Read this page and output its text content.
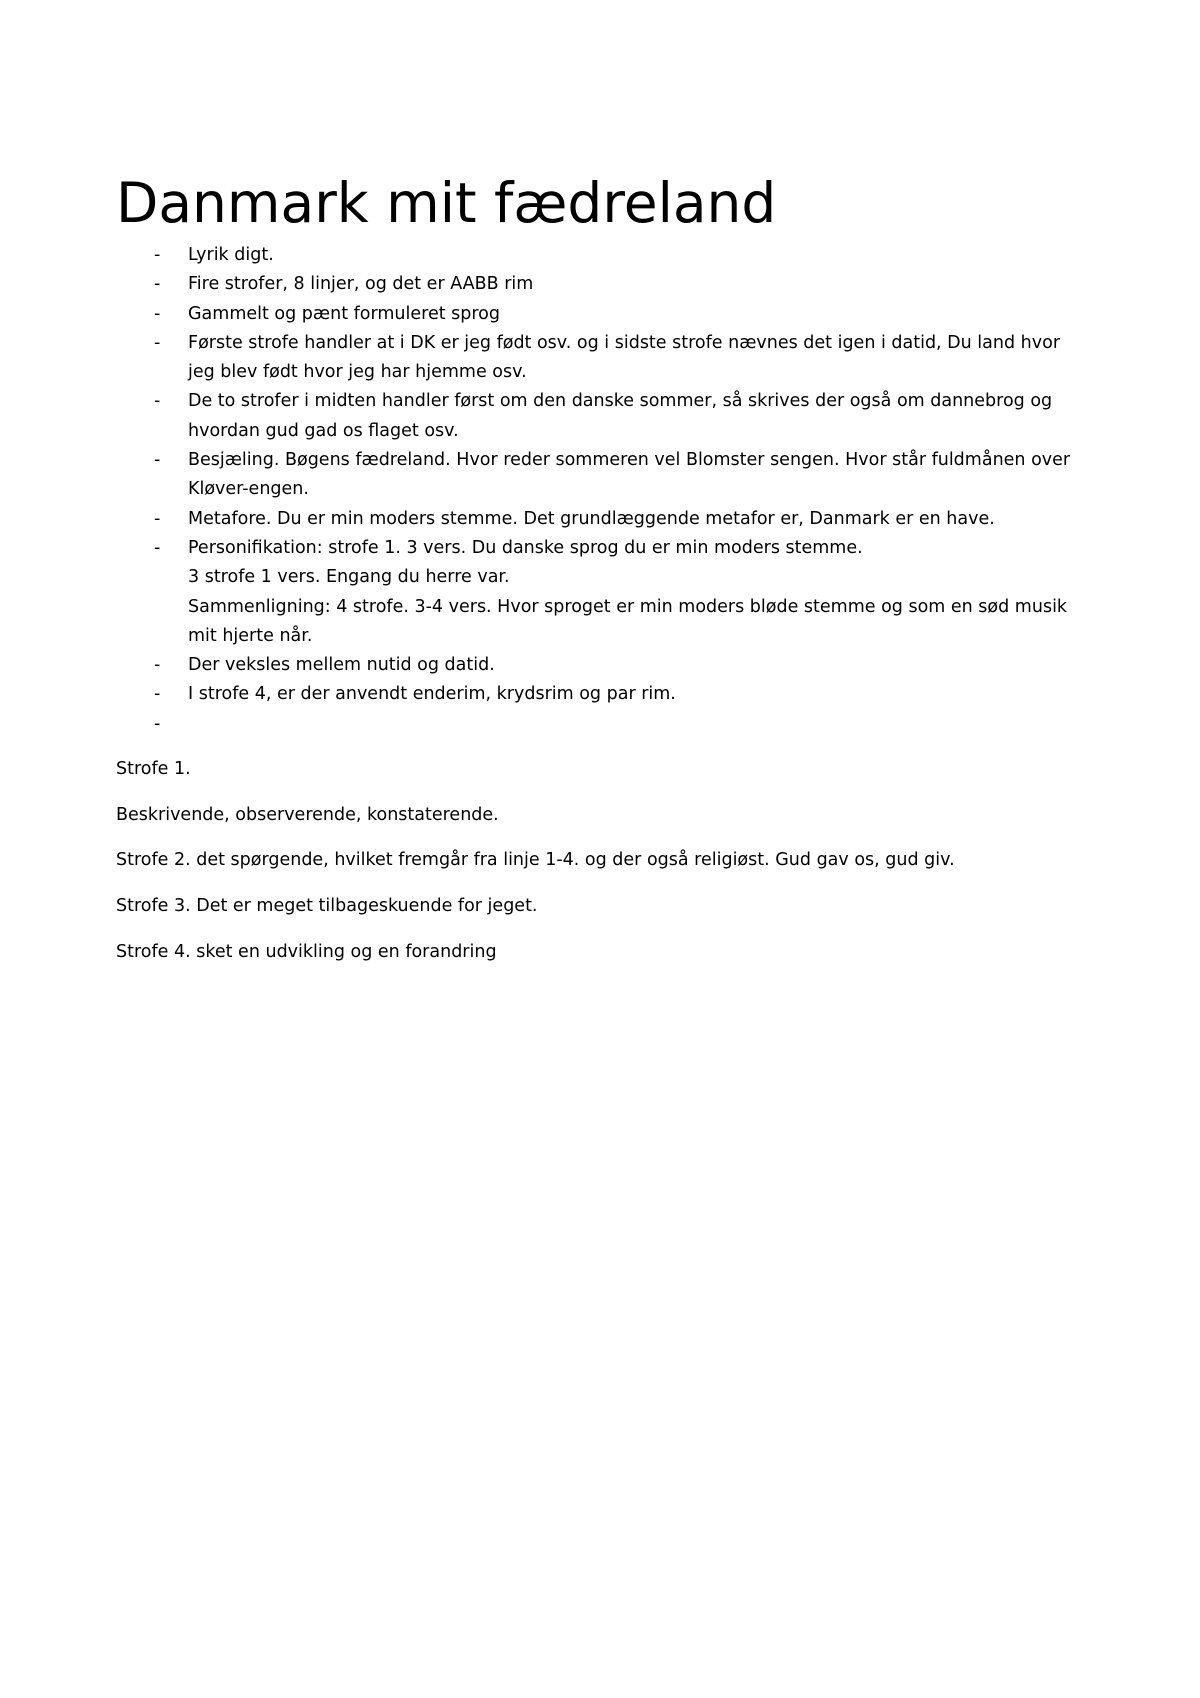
Danmark mit fædreland
- Lyrik digt.
- Fire strofer, 8 linjer, og det er AABB rim
- Gammelt og pænt formuleret sprog
- Første strofe handler at i DK er jeg født osv. og i sidste strofe nævnes det igen i datid, Du land hvor
jeg blev født hvor jeg har hjemme osv.
- De to strofer i midten handler først om den danske sommer, så skrives der også om dannebrog og
hvordan gud gad os flaget osv.
- Besjæling. Bøgens fædreland. Hvor reder sommeren vel Blomster sengen. Hvor står fuldmånen over
Kløver-engen.
- Metafore. Du er min moders stemme. Det grundlæggende metafor er, Danmark er en have.
- Personifikation: strofe 1. 3 vers. Du danske sprog du er min moders stemme.
3 strofe 1 vers. Engang du herre var.
Sammenligning: 4 strofe. 3-4 vers. Hvor sproget er min moders bløde stemme og som en sød musik
mit hjerte når.
- Der veksles mellem nutid og datid.
- I strofe 4, er der anvendt enderim, krydsrim og par rim.
-

Strofe 1.

Beskrivende, observerende, konstaterende.

Strofe 2. det spørgende, hvilket fremgår fra linje 1-4. og der også religiøst. Gud gav os, gud giv.

Strofe 3. Det er meget tilbageskuende for jeget.

Strofe 4. sket en udvikling og en forandring
